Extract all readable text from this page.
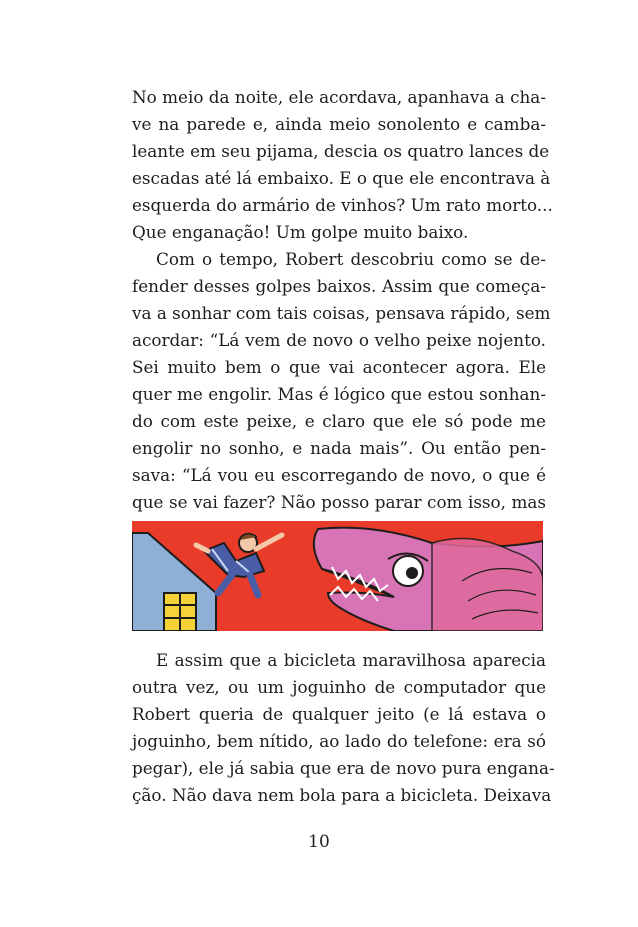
No meio da noite, ele acordava, apanhava a cha-
ve na parede e, ainda meio sonolento e camba-
leante em seu pijama, descia os quatro lances de
escadas até lá embaixo. E o que ele encontrava à
esquerda do armário de vinhos? Um rato morto...
Que enganação! Um golpe muito baixo.
Com o tempo, Robert descobriu como se de-
fender desses golpes baixos. Assim que começa-
va a sonhar com tais coisas, pensava rápido, sem
acordar: “Lá vem de novo o velho peixe nojento.
Sei muito bem o que vai acontecer agora. Ele
quer me engolir. Mas é lógico que estou sonhan-
do com este peixe, e claro que ele só pode me
engolir no sonho, e nada mais”. Ou então pen-
sava: “Lá vou eu escorregando de novo, o que é
que se vai fazer? Não posso parar com isso, mas
E assim que a bicicleta maravilhosa aparecia
outra vez, ou um joguinho de computador que
Robert queria de qualquer jeito (e lá estava o
joguinho, bem nítido, ao lado do telefone: era só
pegar), ele já sabia que era de novo pura engana-
ção. Não dava nem bola para a bicicleta. Deixava
10
